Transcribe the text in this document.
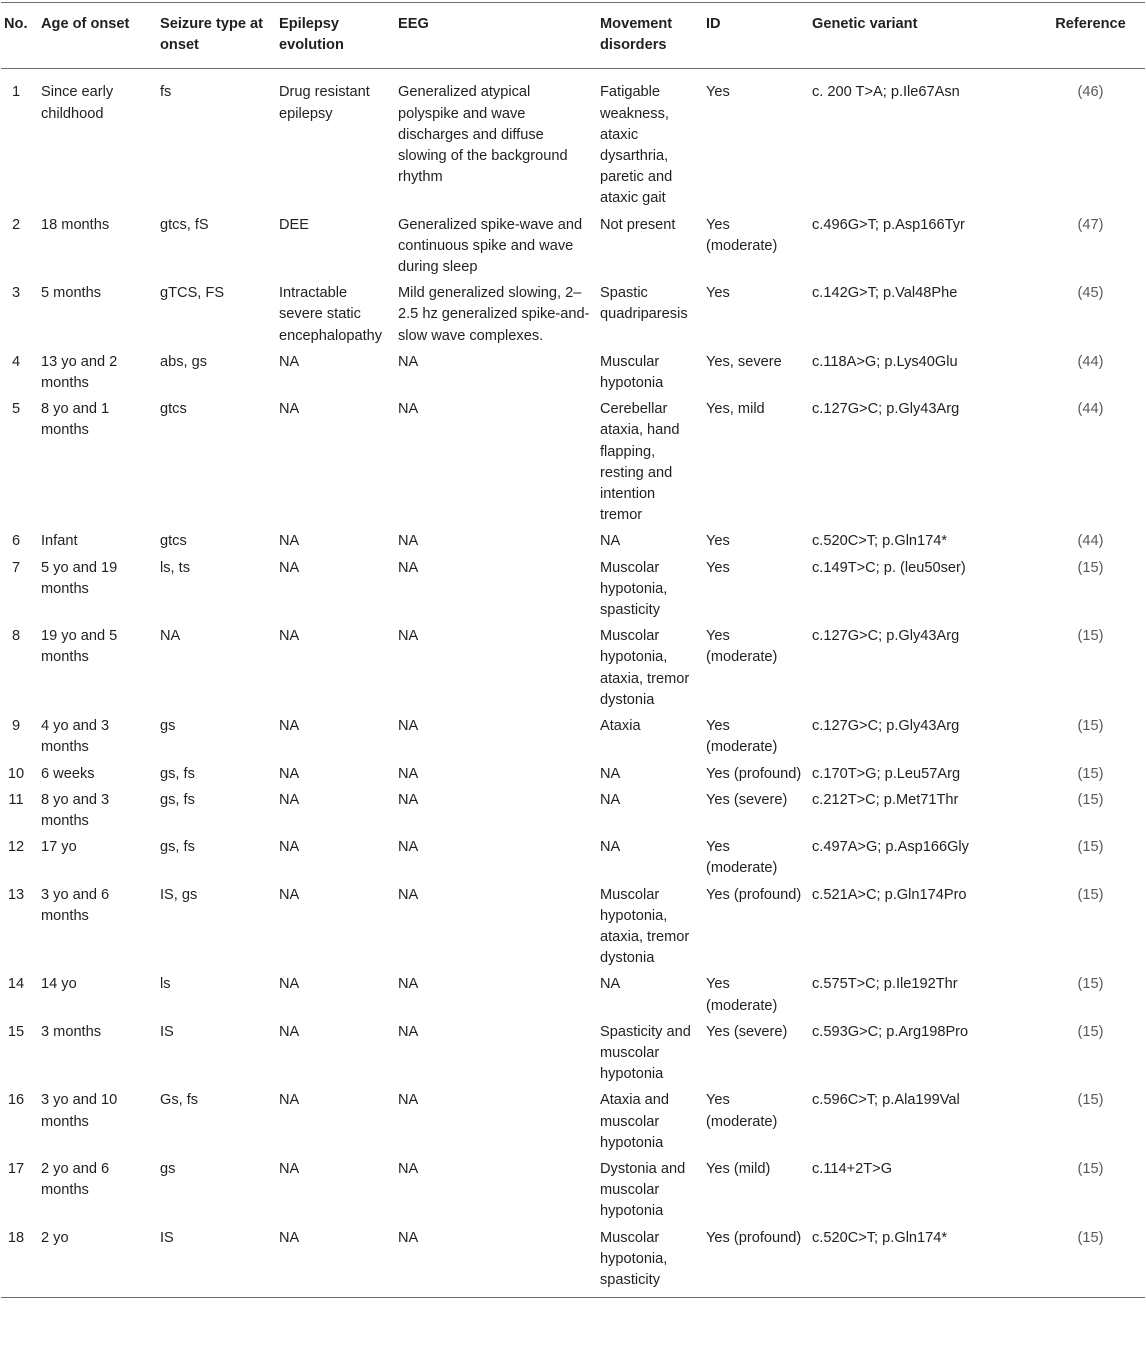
No.	Age of onset	Seizure type at onset	Epilepsy evolution	EEG	Movement disorders	ID	Genetic variant	Reference
1	Since early childhood	fs	Drug resistant epilepsy	Generalized atypical polyspike and wave discharges and diffuse slowing of the background rhythm	Fatigable weakness, ataxic dysarthria, paretic and ataxic gait	Yes	c. 200 T>A; p.Ile67Asn	(46)
2	18 months	gtcs, fS	DEE	Generalized spike-wave and continuous spike and wave during sleep	Not present	Yes (moderate)	c.496G>T; p.Asp166Tyr	(47)
3	5 months	gTCS, FS	Intractable severe static encephalopathy	Mild generalized slowing, 2–2.5 hz generalized spike-and-slow wave complexes.	Spastic quadriparesis	Yes	c.142G>T; p.Val48Phe	(45)
4	13 yo and 2 months	abs, gs	NA	NA	Muscular hypotonia	Yes, severe	c.118A>G; p.Lys40Glu	(44)
5	8 yo and 1 months	gtcs	NA	NA	Cerebellar ataxia, hand flapping, resting and intention tremor	Yes, mild	c.127G>C; p.Gly43Arg	(44)
6	Infant	gtcs	NA	NA	NA	Yes	c.520C>T; p.Gln174*	(44)
7	5 yo and 19 months	ls, ts	NA	NA	Muscolar hypotonia, spasticity	Yes	c.149T>C; p. (leu50ser)	(15)
8	19 yo and 5 months	NA	NA	NA	Muscolar hypotonia, ataxia, tremor dystonia	Yes (moderate)	c.127G>C; p.Gly43Arg	(15)
9	4 yo and 3 months	gs	NA	NA	Ataxia	Yes (moderate)	c.127G>C; p.Gly43Arg	(15)
10	6 weeks	gs, fs	NA	NA	NA	Yes (profound)	c.170T>G; p.Leu57Arg	(15)
11	8 yo and 3 months	gs, fs	NA	NA	NA	Yes (severe)	c.212T>C; p.Met71Thr	(15)
12	17 yo	gs, fs	NA	NA	NA	Yes (moderate)	c.497A>G; p.Asp166Gly	(15)
13	3 yo and 6 months	IS, gs	NA	NA	Muscolar hypotonia, ataxia, tremor dystonia	Yes (profound)	c.521A>C; p.Gln174Pro	(15)
14	14 yo	ls	NA	NA	NA	Yes (moderate)	c.575T>C; p.Ile192Thr	(15)
15	3 months	IS	NA	NA	Spasticity and muscolar hypotonia	Yes (severe)	c.593G>C; p.Arg198Pro	(15)
16	3 yo and 10 months	Gs, fs	NA	NA	Ataxia and muscolar hypotonia	Yes (moderate)	c.596C>T; p.Ala199Val	(15)
17	2 yo and 6 months	gs	NA	NA	Dystonia and muscolar hypotonia	Yes (mild)	c.114+2T>G	(15)
18	2 yo	IS	NA	NA	Muscolar hypotonia, spasticity	Yes (profound)	c.520C>T; p.Gln174*	(15)
